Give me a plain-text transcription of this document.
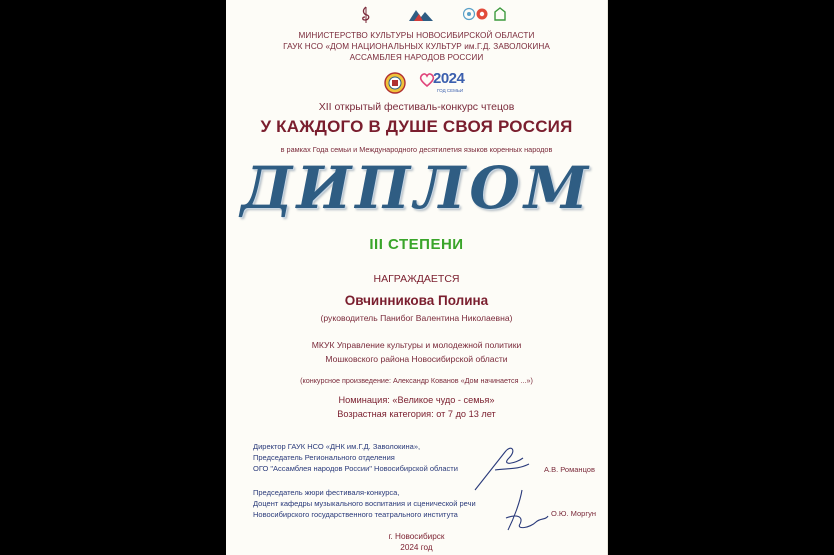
МИНИСТЕРСТВО КУЛЬТУРЫ НОВОСИБИРСКОЙ ОБЛАСТИ
ГАУК НСО «ДОМ НАЦИОНАЛЬНЫХ КУЛЬТУР им.Г.Д. ЗАВОЛОКИНА
АССАМБЛЕЯ НАРОДОВ РОССИИ
2024
ГОД СЕМЬИ
XII открытый фестиваль-конкурс чтецов
У КАЖДОГО В ДУШЕ СВОЯ РОССИЯ
в рамках Года семьи и Международного десятилетия языков коренных народов
ДИПЛОМ
III СТЕПЕНИ
НАГРАЖДАЕТСЯ
Овчинникова Полина
(руководитель Панибог Валентина Николаевна)
МКУК Управление культуры и молодежной политики
Мошковского района Новосибирской области
(конкурсное произведение: Александр Кованов «Дом начинается ...»)
Номинация: «Великое чудо - семья»
Возрастная категория: от 7 до 13 лет
Директор ГАУК НСО «ДНК им.Г.Д. Заволокина»,
Председатель Регионального отделения
ОГО "Ассамблея народов России" Новосибирской области	А.В. Романцов
Председатель жюри фестиваля-конкурса,
Доцент кафедры музыкального воспитания и сценической речи
Новосибирского государственного театрального института	О.Ю. Моргун
г. Новосибирск
2024 год
